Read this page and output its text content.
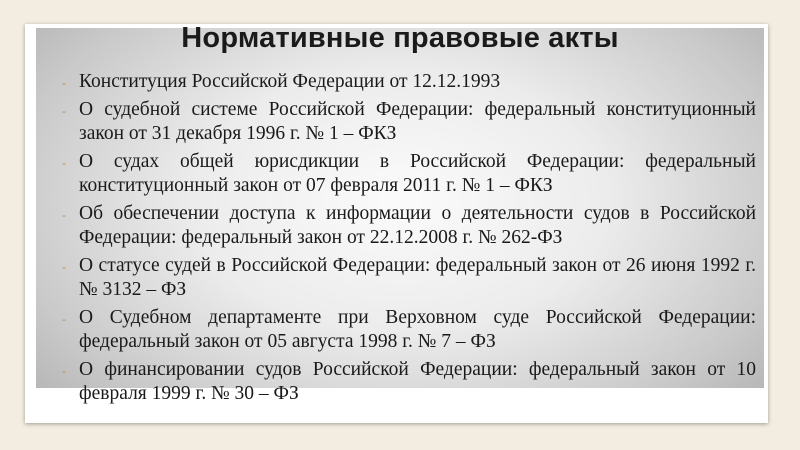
Нормативные правовые акты
- Конституция Российской Федерации от 12.12.1993
- О судебной системе Российской Федерации: федеральный конституционный закон от 31 декабря 1996 г. № 1 – ФКЗ
- О судах общей юрисдикции в Российской Федерации: федеральный конституционный закон от 07 февраля 2011 г. № 1 – ФКЗ
- Об обеспечении доступа к информации о деятельности судов в Российской Федерации: федеральный закон от 22.12.2008 г. № 262-ФЗ
- О статусе судей в Российской Федерации: федеральный закон от 26 июня 1992 г. № 3132 – ФЗ
- О Судебном департаменте при Верховном суде Российской Федерации: федеральный закон от 05 августа 1998 г. № 7 – ФЗ
- О финансировании судов Российской Федерации: федеральный закон от 10 февраля 1999 г. № 30 – ФЗ
